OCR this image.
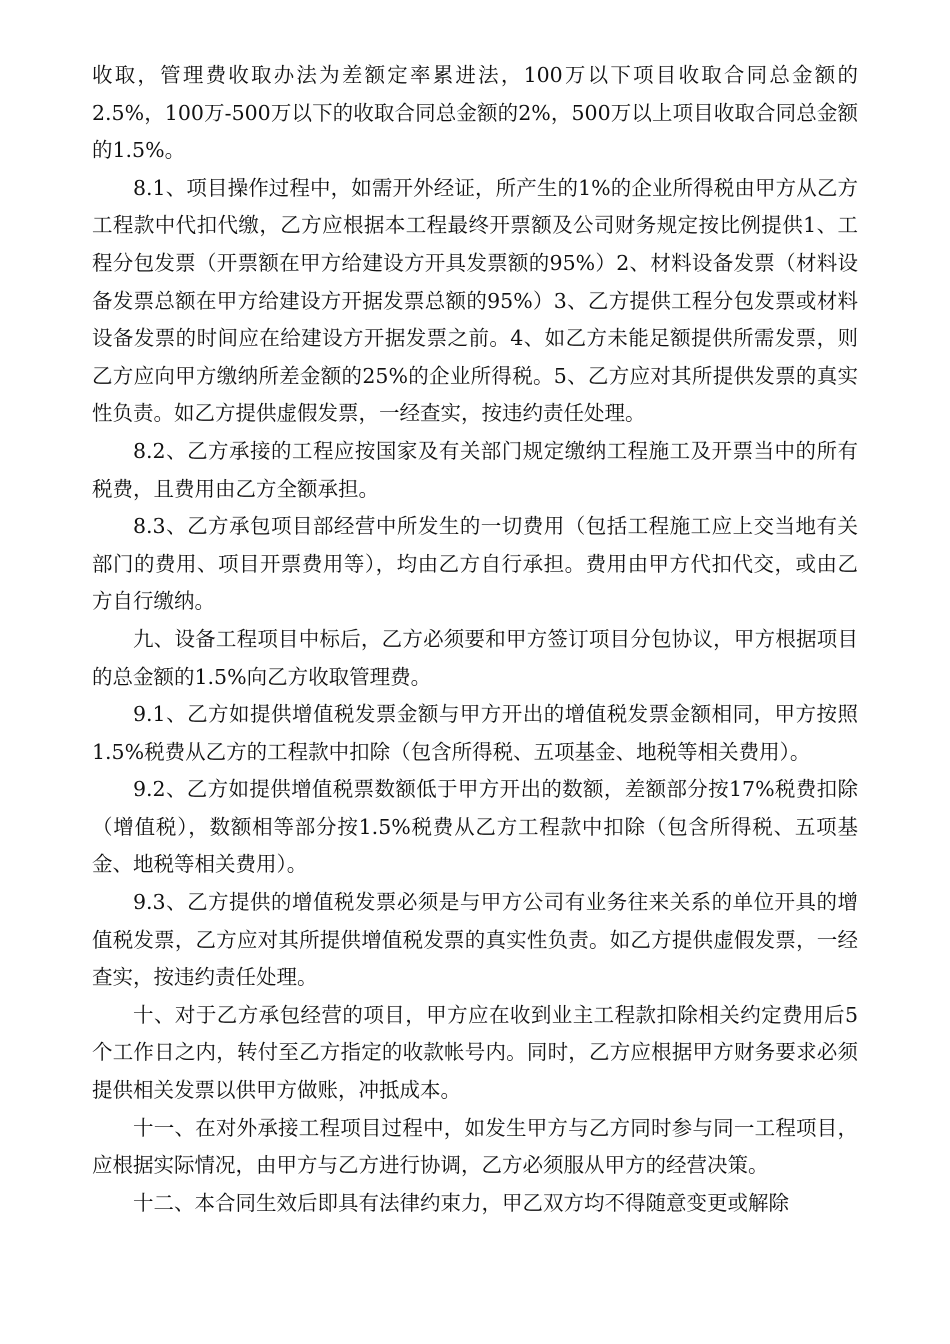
收取，管理费收取办法为差额定率累进法，100万以下项目收取合同总金额的2.5%，100万-500万以下的收取合同总金额的2%，500万以上项目收取合同总金额的1.5%。

8.1、项目操作过程中，如需开外经证，所产生的1%的企业所得税由甲方从乙方工程款中代扣代缴，乙方应根据本工程最终开票额及公司财务规定按比例提供1、工程分包发票（开票额在甲方给建设方开具发票额的95%）2、材料设备发票（材料设备发票总额在甲方给建设方开据发票总额的95%）3、乙方提供工程分包发票或材料设备发票的时间应在给建设方开据发票之前。4、如乙方未能足额提供所需发票，则乙方应向甲方缴纳所差金额的25%的企业所得税。5、乙方应对其所提供发票的真实性负责。如乙方提供虚假发票，一经查实，按违约责任处理。

8.2、乙方承接的工程应按国家及有关部门规定缴纳工程施工及开票当中的所有税费，且费用由乙方全额承担。

8.3、乙方承包项目部经营中所发生的一切费用（包括工程施工应上交当地有关部门的费用、项目开票费用等），均由乙方自行承担。费用由甲方代扣代交，或由乙方自行缴纳。

九、设备工程项目中标后，乙方必须要和甲方签订项目分包协议，甲方根据项目的总金额的1.5%向乙方收取管理费。

9.1、乙方如提供增值税发票金额与甲方开出的增值税发票金额相同，甲方按照1.5%税费从乙方的工程款中扣除（包含所得税、五项基金、地税等相关费用）。

9.2、乙方如提供增值税票数额低于甲方开出的数额，差额部分按17%税费扣除（增值税），数额相等部分按1.5%税费从乙方工程款中扣除（包含所得税、五项基金、地税等相关费用）。

9.3、乙方提供的增值税发票必须是与甲方公司有业务往来关系的单位开具的增值税发票，乙方应对其所提供增值税发票的真实性负责。如乙方提供虚假发票，一经查实，按违约责任处理。

十、对于乙方承包经营的项目，甲方应在收到业主工程款扣除相关约定费用后5个工作日之内，转付至乙方指定的收款帐号内。同时，乙方应根据甲方财务要求必须提供相关发票以供甲方做账，冲抵成本。

十一、在对外承接工程项目过程中，如发生甲方与乙方同时参与同一工程项目，应根据实际情况，由甲方与乙方进行协调，乙方必须服从甲方的经营决策。

十二、本合同生效后即具有法律约束力，甲乙双方均不得随意变更或解除
